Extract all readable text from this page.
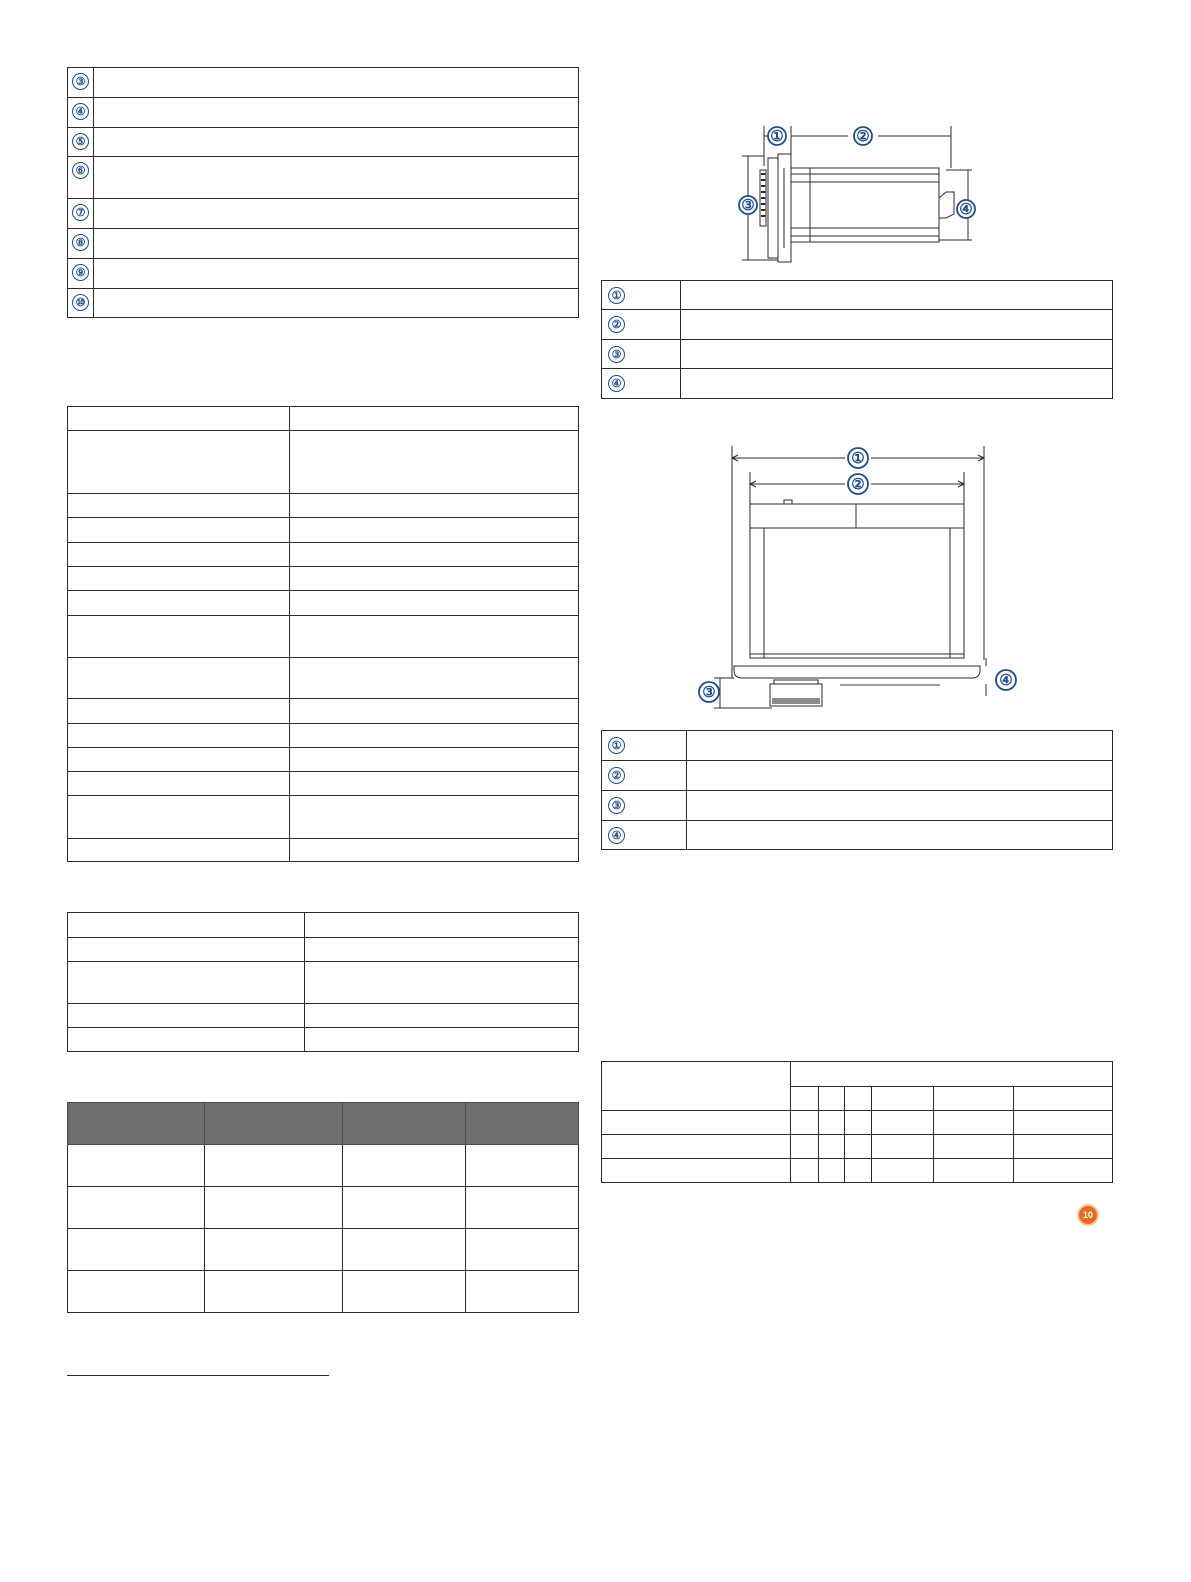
③	
④	
⑤	
⑥	
⑦	
⑧	
⑨	
⑩	

①	②
③	④
①	
②	
③	
④	
①
②
③
④
①	
②	
③	
④	

10
